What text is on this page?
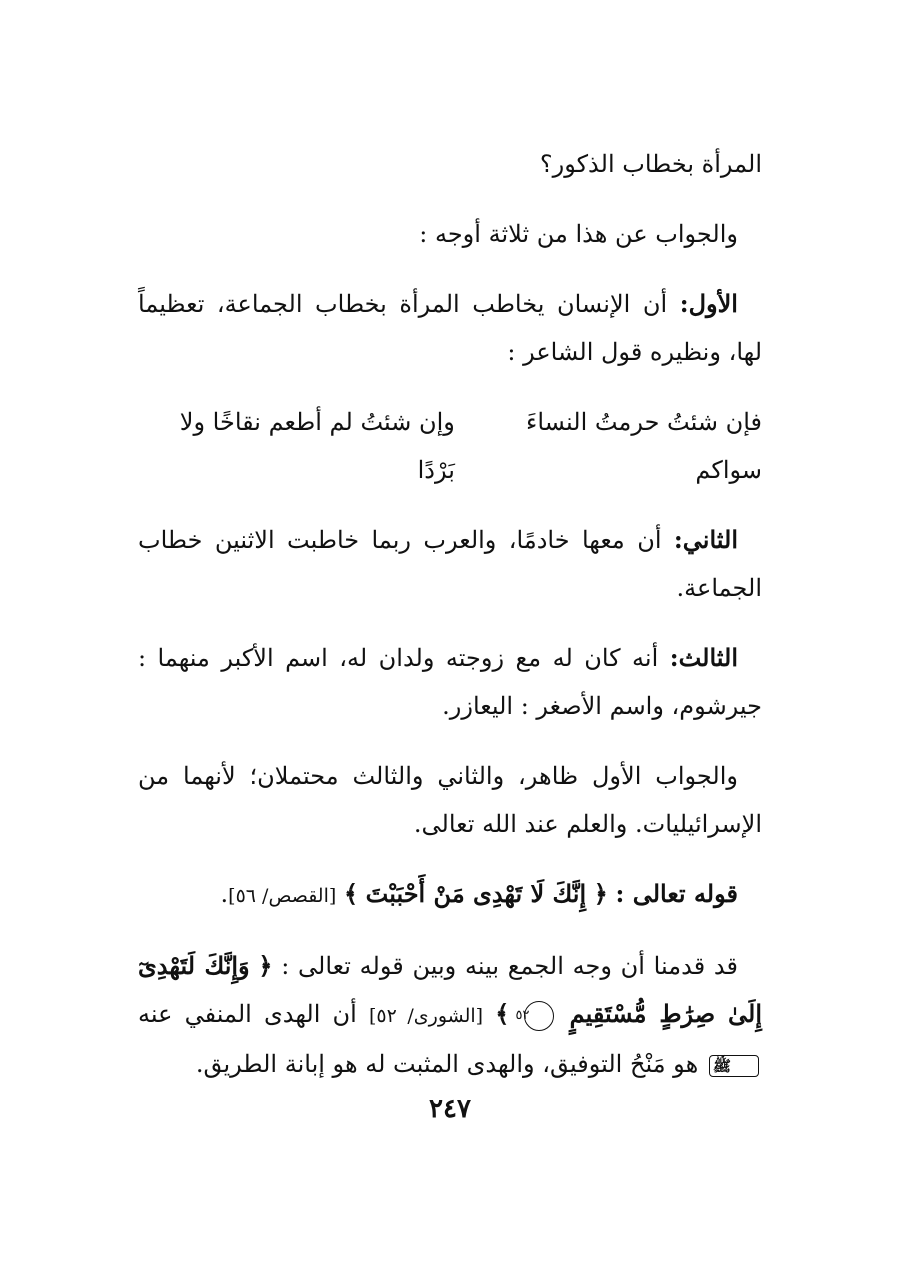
المرأة بخطاب الذكور؟

والجواب عن هذا من ثلاثة أوجه :

الأول: أن الإنسان يخاطب المرأة بخطاب الجماعة، تعظيماً لها، ونظيره قول الشاعر :

فإن شئتُ حرمتُ النساءَ سواكم
وإن شئتُ لم أطعم نقاخًا ولا بَرْدًا

الثاني: أن معها خادمًا، والعرب ربما خاطبت الاثنين خطاب الجماعة.

الثالث: أنه كان له مع زوجته ولدان له، اسم الأكبر منهما : جيرشوم، واسم الأصغر : اليعازر.

والجواب الأول ظاهر، والثاني والثالث محتملان؛ لأنهما من الإسرائيليات. والعلم عند الله تعالى.

قوله تعالى : ﴿ إِنَّكَ لَا تَهْدِى مَنْ أَحْبَبْتَ ﴾ [القصص/ ٥٦].

قد قدمنا أن وجه الجمع بينه وبين قوله تعالى : ﴿ وَإِنَّكَ لَتَهْدِىٓ إِلَىٰ صِرَٰطٍ مُّسْتَقِيمٍ ٥٢ ﴾ [الشورى/ ٥٢] أن الهدى المنفي عنه ﷺ هو مَنْحُ التوفيق، والهدى المثبت له هو إبانة الطريق.

٢٤٧
